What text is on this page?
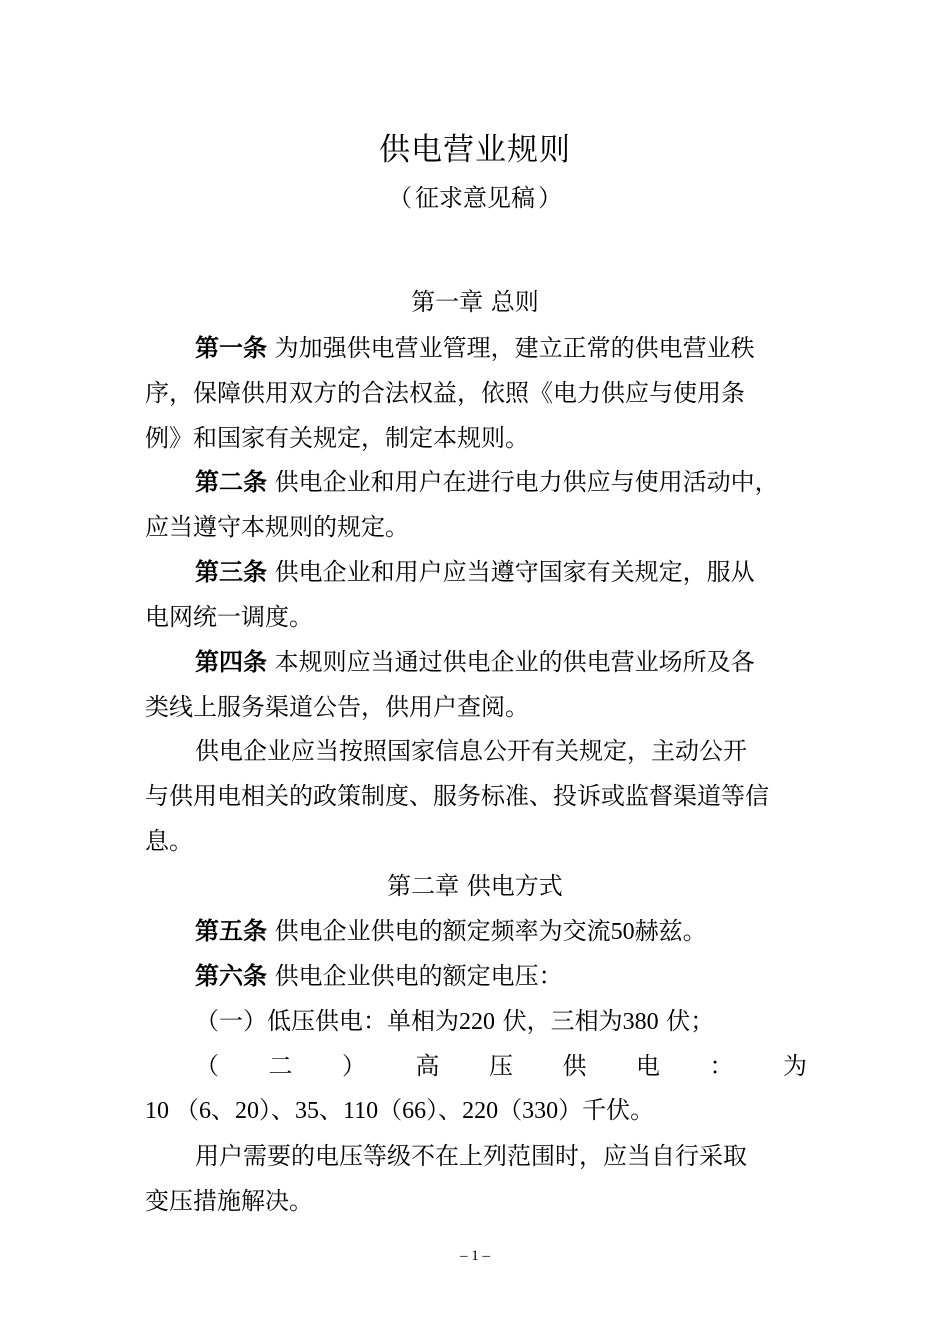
供电营业规则
（ 征求意见稿 ）
第一章 总则
第一条 为加强供电营业管理，建立正常的供电营业秩
序，保障供用双方的合法权益，依照《电力供应与使用条
例》和国家有关规定，制定本规则。
第二条 供电企业和用户在进行电力供应与使用活动中，
应当遵守本规则的规定。
第三条 供电企业和用户应当遵守国家有关规定，服从
电网统一调度。
第四条 本规则应当通过供电企业的供电营业场所及各
类线上服务渠道公告，供用户查阅。
供电企业应当按照国家信息公开有关规定，主动公开
与供用电相关的政策制度、服务标准、投诉或监督渠道等信
息。
第二章 供电方式
第五条 供电企业供电的额定频率为交流50赫兹。
第六条 供电企业供电的额定电压：
（一）低压供电：单相为220 伏，三相为380 伏；
（ 二 ） 高 压 供 电 ： 为
10 （6、20）、35、110（66）、220（330）千伏。
用户需要的电压等级不在上列范围时，应当自行采取
变压措施解决。
– 1 –
